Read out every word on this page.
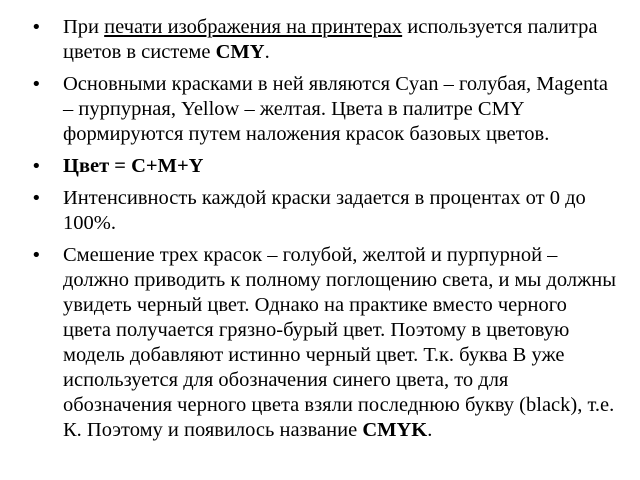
• При печати изображения на принтерах используется палитра цветов в системе CMY.
• Основными красками в ней являются Cyan – голубая, Magenta – пурпурная, Yellow – желтая. Цвета в палитре CMY формируются путем наложения красок базовых цветов.
• Цвет = C+M+Y
• Интенсивность каждой краски задается в процентах от 0 до 100%.
• Смешение трех красок – голубой, желтой и пурпурной – должно приводить к полному поглощению света, и мы должны увидеть черный цвет. Однако на практике вместо черного цвета получается грязно-бурый цвет. Поэтому в цветовую модель добавляют истинно черный цвет. Т.к. буква В уже используется для обозначения синего цвета, то для обозначения черного цвета взяли последнюю букву (black), т.е. К. Поэтому и появилось название CMYK.
